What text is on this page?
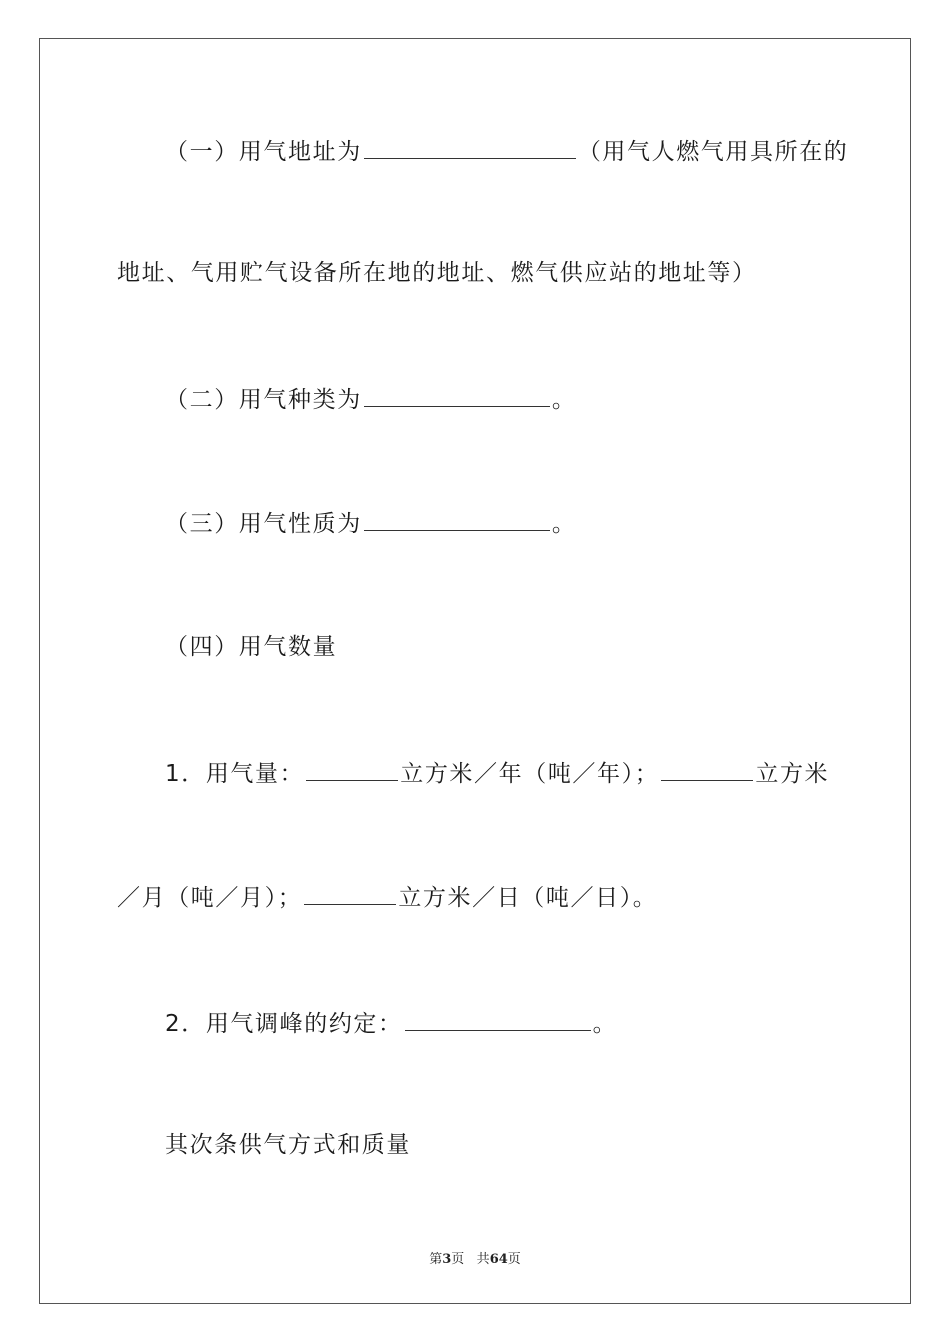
（一）用气地址为	（用气人燃气用具所在的
地址、气用贮气设备所在地的地址、燃气供应站的地址等）
（二）用气种类为	。
（三）用气性质为	。
（四）用气数量
1．用气量：	立方米／年（吨／年）；	立方米
／月（吨／月）；	立方米／日（吨／日）。
2．用气调峰的约定：	。
其次条供气方式和质量
第3页 共64页
